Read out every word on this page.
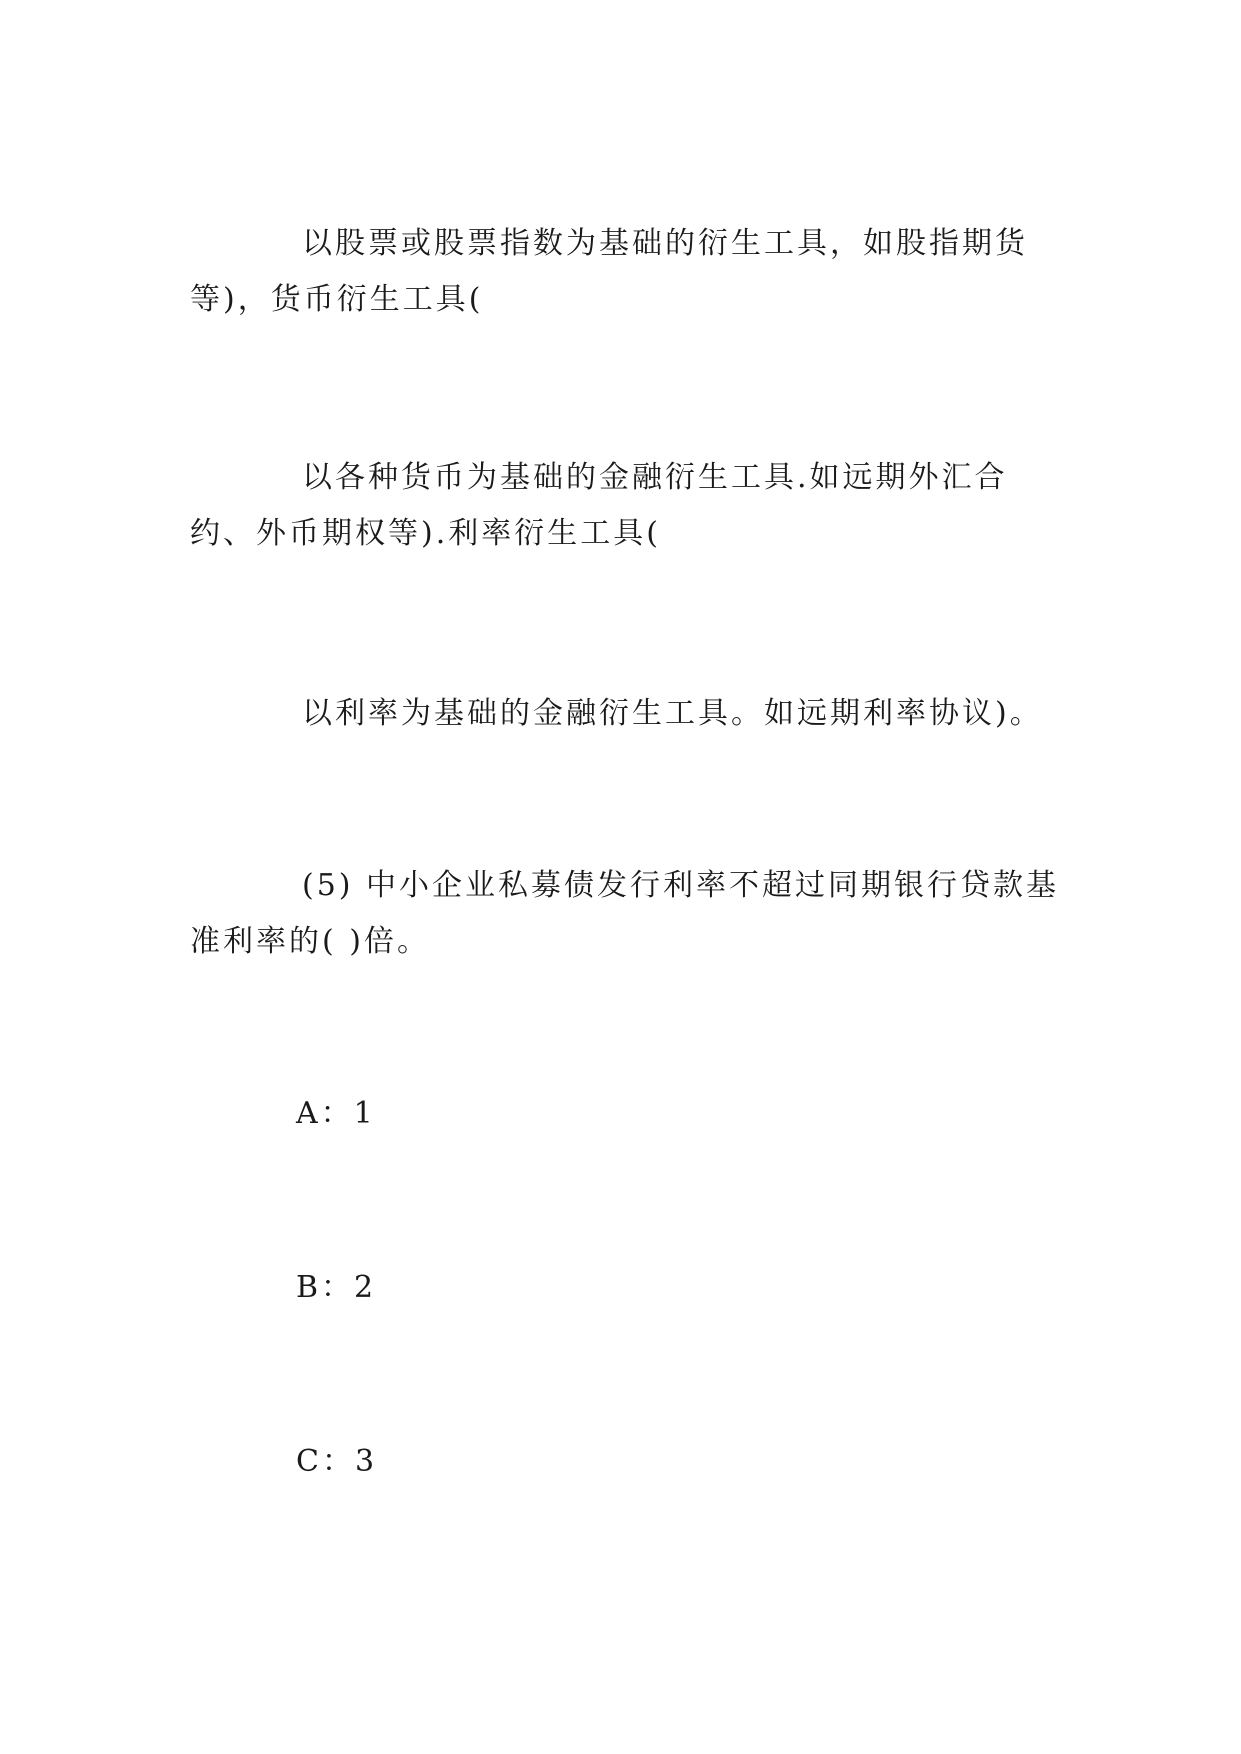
以股票或股票指数为基础的衍生工具，如股指期货等)，货币衍生工具(

以各种货币为基础的金融衍生工具.如远期外汇合约、外币期权等).利率衍生工具(

以利率为基础的金融衍生工具。如远期利率协议)。

(5) 中小企业私募债发行利率不超过同期银行贷款基准利率的( )倍。

A：1

B：2

C：3
